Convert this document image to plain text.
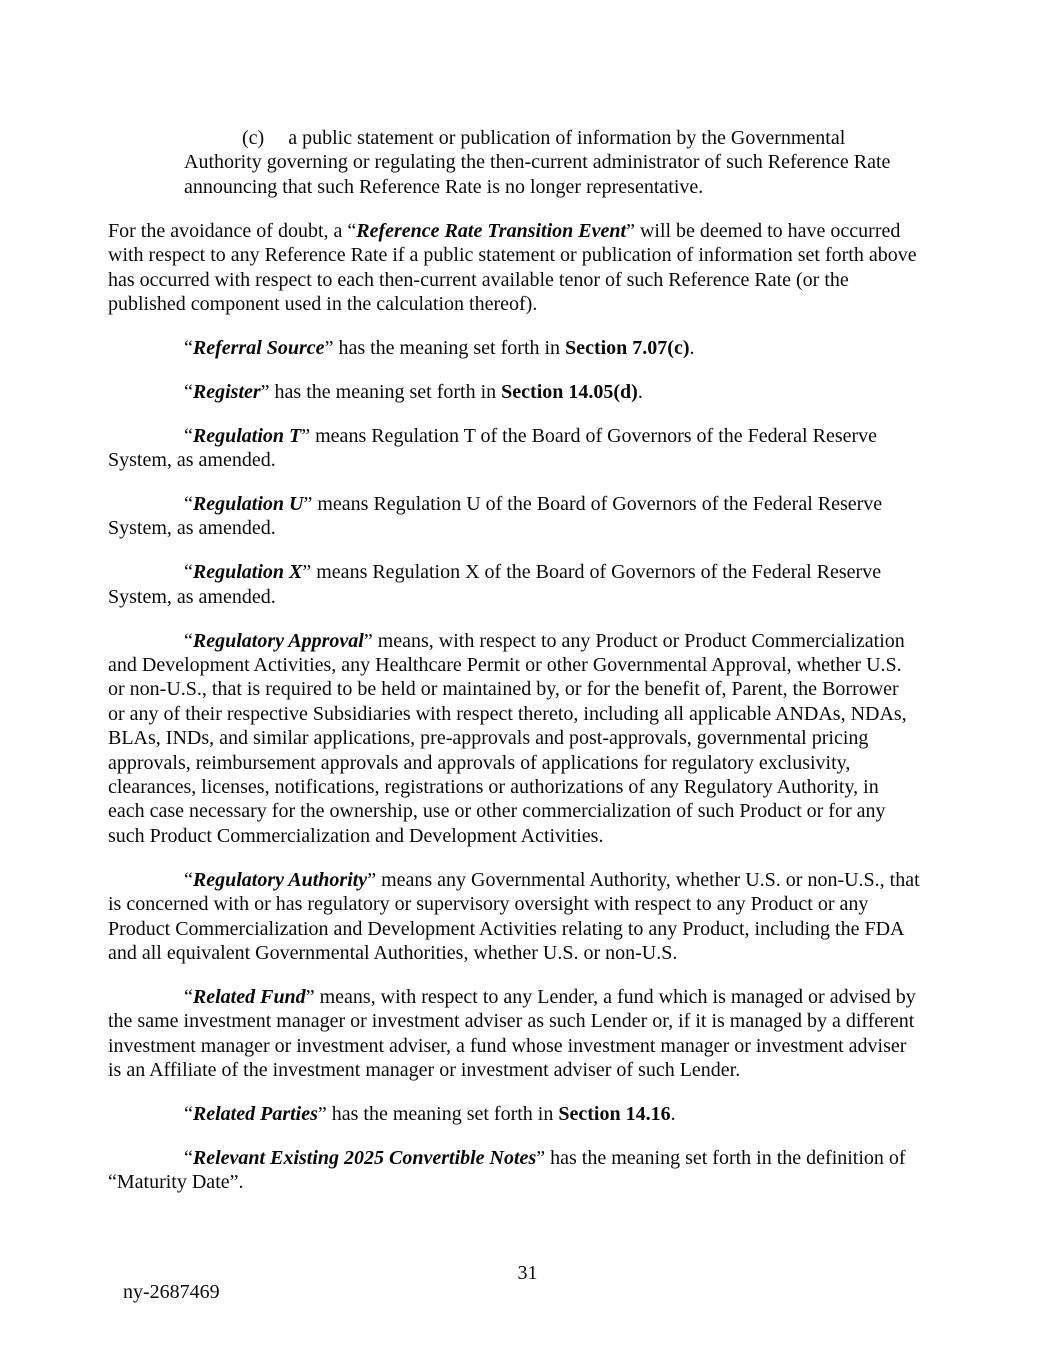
(c) a public statement or publication of information by the Governmental Authority governing or regulating the then-current administrator of such Reference Rate announcing that such Reference Rate is no longer representative.

For the avoidance of doubt, a “Reference Rate Transition Event” will be deemed to have occurred with respect to any Reference Rate if a public statement or publication of information set forth above has occurred with respect to each then-current available tenor of such Reference Rate (or the published component used in the calculation thereof).

“Referral Source” has the meaning set forth in Section 7.07(c).

“Register” has the meaning set forth in Section 14.05(d).

“Regulation T” means Regulation T of the Board of Governors of the Federal Reserve System, as amended.

“Regulation U” means Regulation U of the Board of Governors of the Federal Reserve System, as amended.

“Regulation X” means Regulation X of the Board of Governors of the Federal Reserve System, as amended.

“Regulatory Approval” means, with respect to any Product or Product Commercialization and Development Activities, any Healthcare Permit or other Governmental Approval, whether U.S. or non-U.S., that is required to be held or maintained by, or for the benefit of, Parent, the Borrower or any of their respective Subsidiaries with respect thereto, including all applicable ANDAs, NDAs, BLAs, INDs, and similar applications, pre-approvals and post-approvals, governmental pricing approvals, reimbursement approvals and approvals of applications for regulatory exclusivity, clearances, licenses, notifications, registrations or authorizations of any Regulatory Authority, in each case necessary for the ownership, use or other commercialization of such Product or for any such Product Commercialization and Development Activities.

“Regulatory Authority” means any Governmental Authority, whether U.S. or non-U.S., that is concerned with or has regulatory or supervisory oversight with respect to any Product or any Product Commercialization and Development Activities relating to any Product, including the FDA and all equivalent Governmental Authorities, whether U.S. or non-U.S.

“Related Fund” means, with respect to any Lender, a fund which is managed or advised by the same investment manager or investment adviser as such Lender or, if it is managed by a different investment manager or investment adviser, a fund whose investment manager or investment adviser is an Affiliate of the investment manager or investment adviser of such Lender.

“Related Parties” has the meaning set forth in Section 14.16.

“Relevant Existing 2025 Convertible Notes” has the meaning set forth in the definition of “Maturity Date”.

31
ny-2687469
